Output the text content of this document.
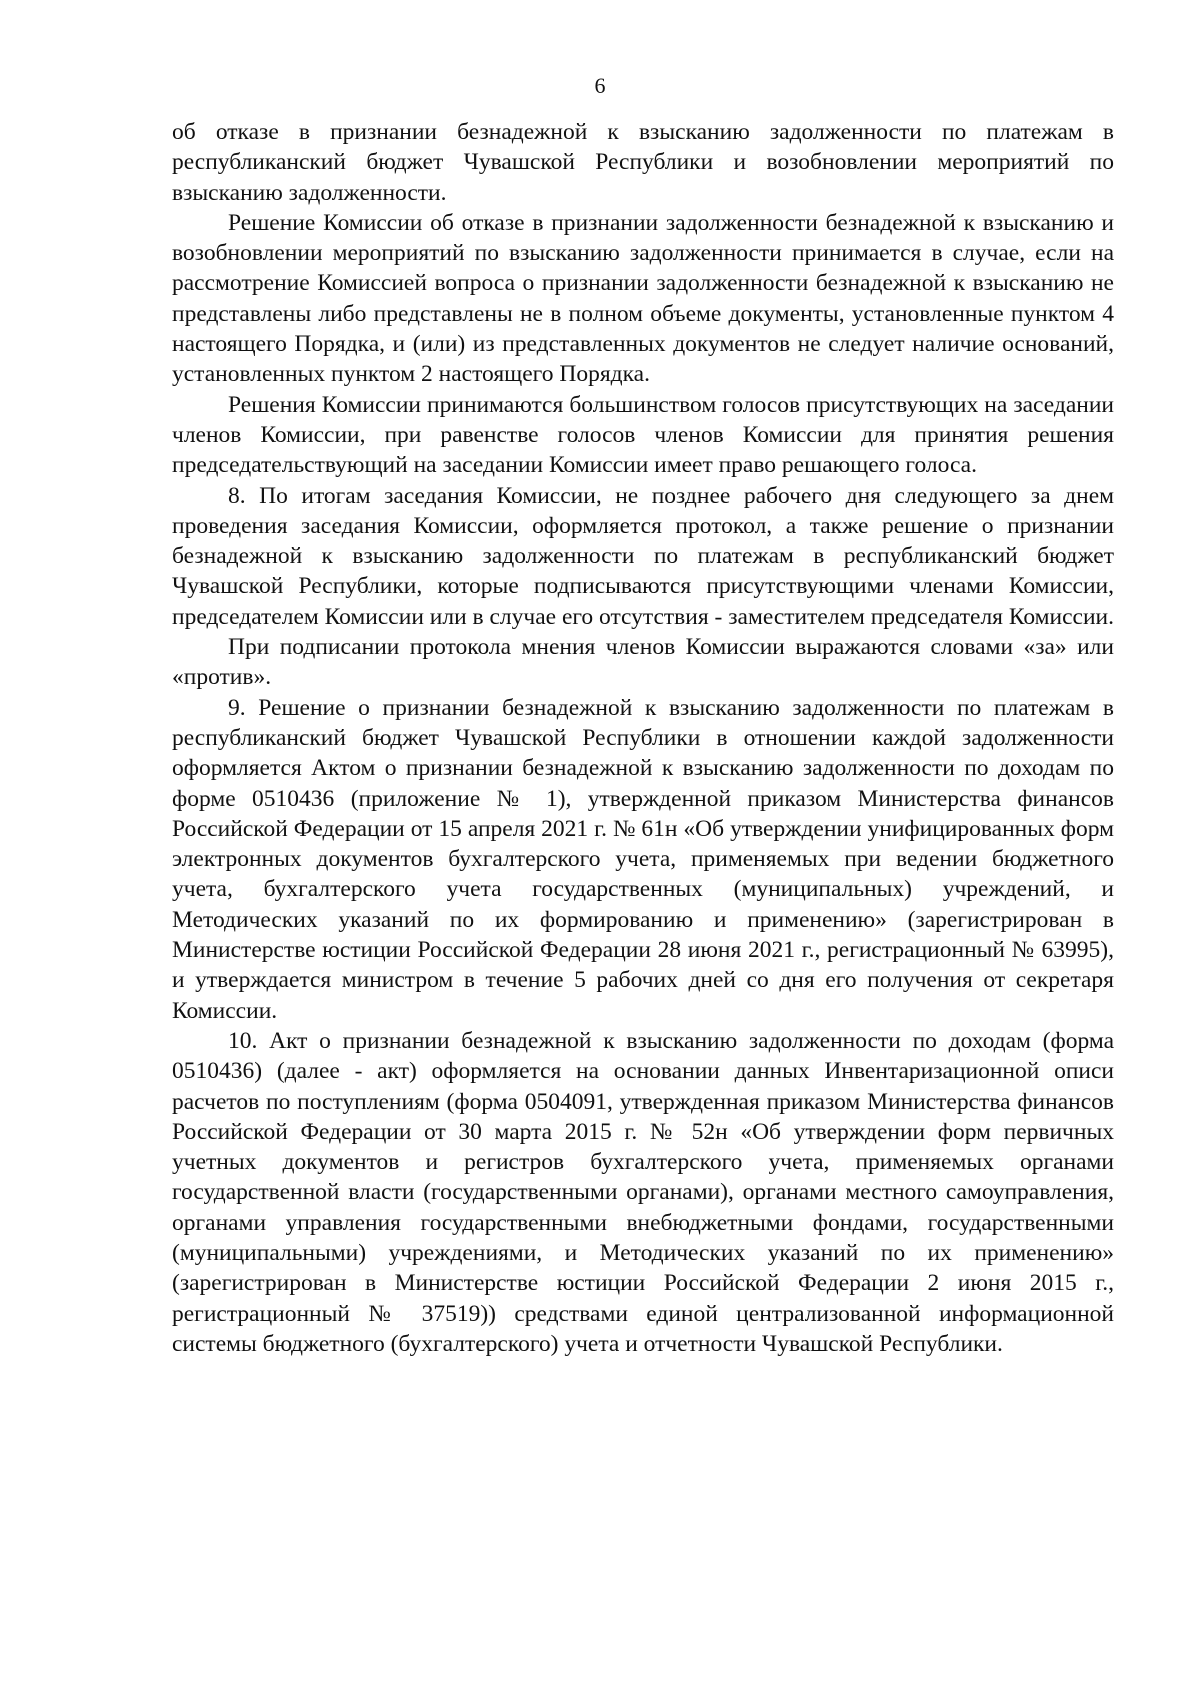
6

об отказе в признании безнадежной к взысканию задолженности по платежам в республиканский бюджет Чувашской Республики и возобновлении мероприятий по взысканию задолженности.

Решение Комиссии об отказе в признании задолженности безнадежной к взысканию и возобновлении мероприятий по взысканию задолженности принимается в случае, если на рассмотрение Комиссией вопроса о признании задолженности безнадежной к взысканию не представлены либо представлены не в полном объеме документы, установленные пунктом 4 настоящего Порядка, и (или) из представленных документов не следует наличие оснований, установленных пунктом 2 настоящего Порядка.

Решения Комиссии принимаются большинством голосов присутствующих на заседании членов Комиссии, при равенстве голосов членов Комиссии для принятия решения председательствующий на заседании Комиссии имеет право решающего голоса.

8. По итогам заседания Комиссии, не позднее рабочего дня следующего за днем проведения заседания Комиссии, оформляется протокол, а также решение о признании безнадежной к взысканию задолженности по платежам в республиканский бюджет Чувашской Республики, которые подписываются присутствующими членами Комиссии, председателем Комиссии или в случае его отсутствия - заместителем председателя Комиссии.

При подписании протокола мнения членов Комиссии выражаются словами «за» или «против».

9. Решение о признании безнадежной к взысканию задолженности по платежам в республиканский бюджет Чувашской Республики в отношении каждой задолженности оформляется Актом о признании безнадежной к взысканию задолженности по доходам по форме 0510436 (приложение № 1), утвержденной приказом Министерства финансов Российской Федерации от 15 апреля 2021 г. № 61н «Об утверждении унифицированных форм электронных документов бухгалтерского учета, применяемых при ведении бюджетного учета, бухгалтерского учета государственных (муниципальных) учреждений, и Методических указаний по их формированию и применению» (зарегистрирован в Министерстве юстиции Российской Федерации 28 июня 2021 г., регистрационный № 63995), и утверждается министром в течение 5 рабочих дней со дня его получения от секретаря Комиссии.

10. Акт о признании безнадежной к взысканию задолженности по доходам (форма 0510436) (далее - акт) оформляется на основании данных Инвентаризационной описи расчетов по поступлениям (форма 0504091, утвержденная приказом Министерства финансов Российской Федерации от 30 марта 2015 г. № 52н «Об утверждении форм первичных учетных документов и регистров бухгалтерского учета, применяемых органами государственной власти (государственными органами), органами местного самоуправления, органами управления государственными внебюджетными фондами, государственными (муниципальными) учреждениями, и Методических указаний по их применению» (зарегистрирован в Министерстве юстиции Российской Федерации 2 июня 2015 г., регистрационный № 37519)) средствами единой централизованной информационной системы бюджетного (бухгалтерского) учета и отчетности Чувашской Республики.
